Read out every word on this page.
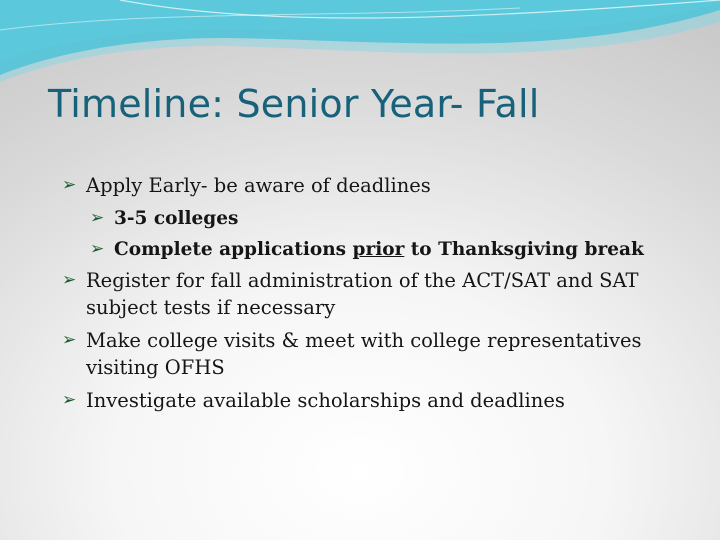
Timeline: Senior Year- Fall
➢ Apply Early- be aware of deadlines
➢ 3-5 colleges
➢ Complete applications prior to Thanksgiving break
➢ Register for fall administration of the ACT/SAT and SAT subject tests if necessary
➢ Make college visits & meet with college representatives visiting OFHS
➢ Investigate available scholarships and deadlines
